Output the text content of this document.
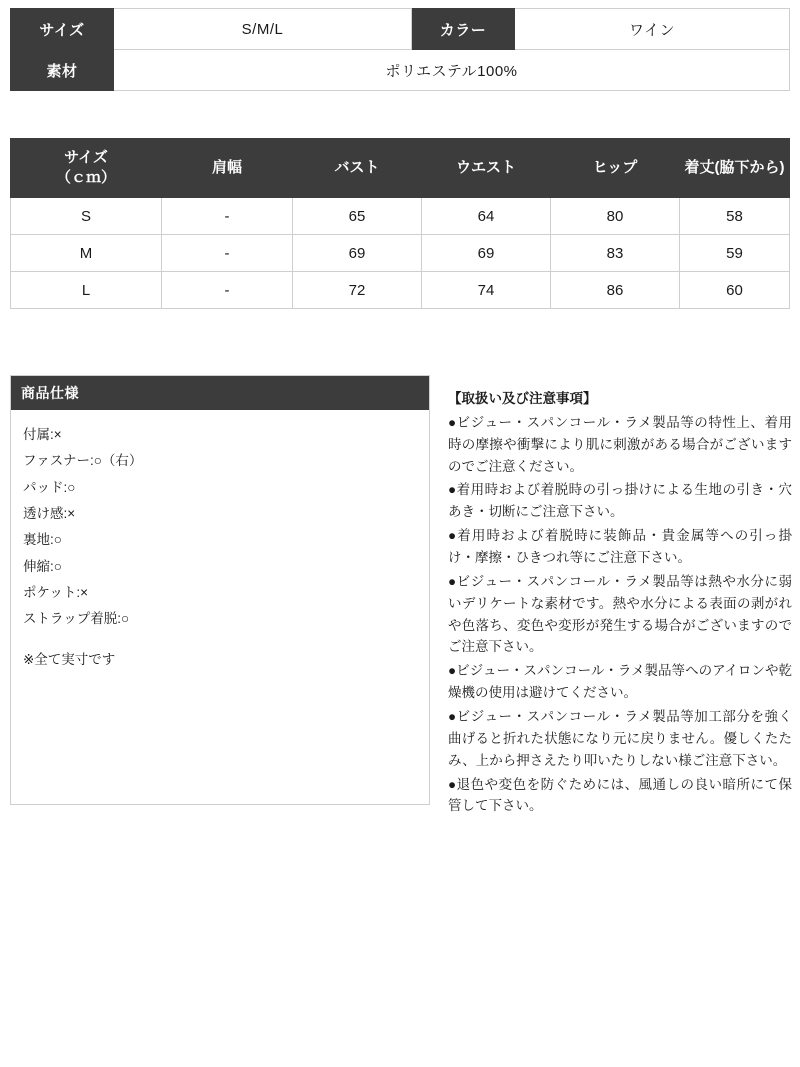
サイズ	S/M/L	カラー	ワイン
素材	ポリエステル100%		
サイズ
（ｃｍ）	肩幅	バスト	ウエスト	ヒップ	着丈(脇下から)
S	-	65	64	80	58
M	-	69	69	83	59
L	-	72	74	86	60
商品仕様
付属:×
ファスナー:○（右）
パッド:○
透け感:×
裏地:○
伸縮:○
ポケット:×
ストラップ着脱:○
※全て実寸です
【取扱い及び注意事項】

●ビジュー・スパンコール・ラメ製品等の特性上、着用時の摩擦や衝撃により肌に刺激がある場合がございますのでご注意ください。

●着用時および着脱時の引っ掛けによる生地の引き・穴あき・切断にご注意下さい。

●着用時および着脱時に装飾品・貴金属等への引っ掛け・摩擦・ひきつれ等にご注意下さい。

●ビジュー・スパンコール・ラメ製品等は熱や水分に弱いデリケートな素材です。熱や水分による表面の剥がれや色落ち、変色や変形が発生する場合がございますのでご注意下さい。

●ビジュー・スパンコール・ラメ製品等へのアイロンや乾燥機の使用は避けてください。

●ビジュー・スパンコール・ラメ製品等加工部分を強く曲げると折れた状態になり元に戻りません。優しくたたみ、上から押さえたり叩いたりしない様ご注意下さい。

●退色や変色を防ぐためには、風通しの良い暗所にて保管して下さい。
